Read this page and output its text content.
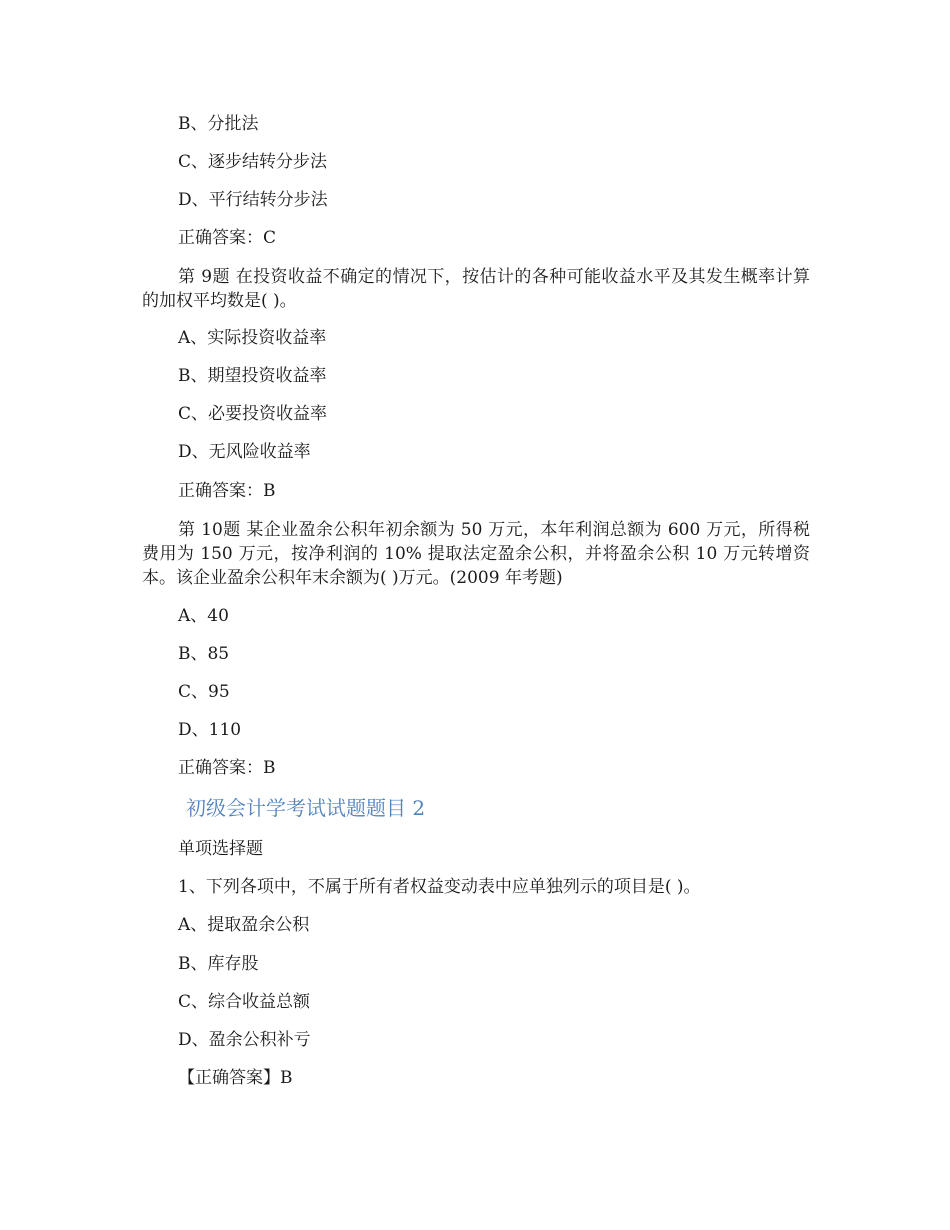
B、分批法
C、逐步结转分步法
D、平行结转分步法
正确答案：C
第 9题 在投资收益不确定的情况下，按估计的各种可能收益水平及其发生概率计算的加权平均数是( )。
A、实际投资收益率
B、期望投资收益率
C、必要投资收益率
D、无风险收益率
正确答案：B
第 10题 某企业盈余公积年初余额为 50 万元，本年利润总额为 600 万元，所得税费用为 150 万元，按净利润的 10% 提取法定盈余公积，并将盈余公积 10 万元转增资本。该企业盈余公积年末余额为( )万元。(2009 年考题)
A、40
B、85
C、95
D、110
正确答案：B
初级会计学考试试题题目 2
单项选择题
1、下列各项中，不属于所有者权益变动表中应单独列示的项目是( )。
A、提取盈余公积
B、库存股
C、综合收益总额
D、盈余公积补亏
【正确答案】B
